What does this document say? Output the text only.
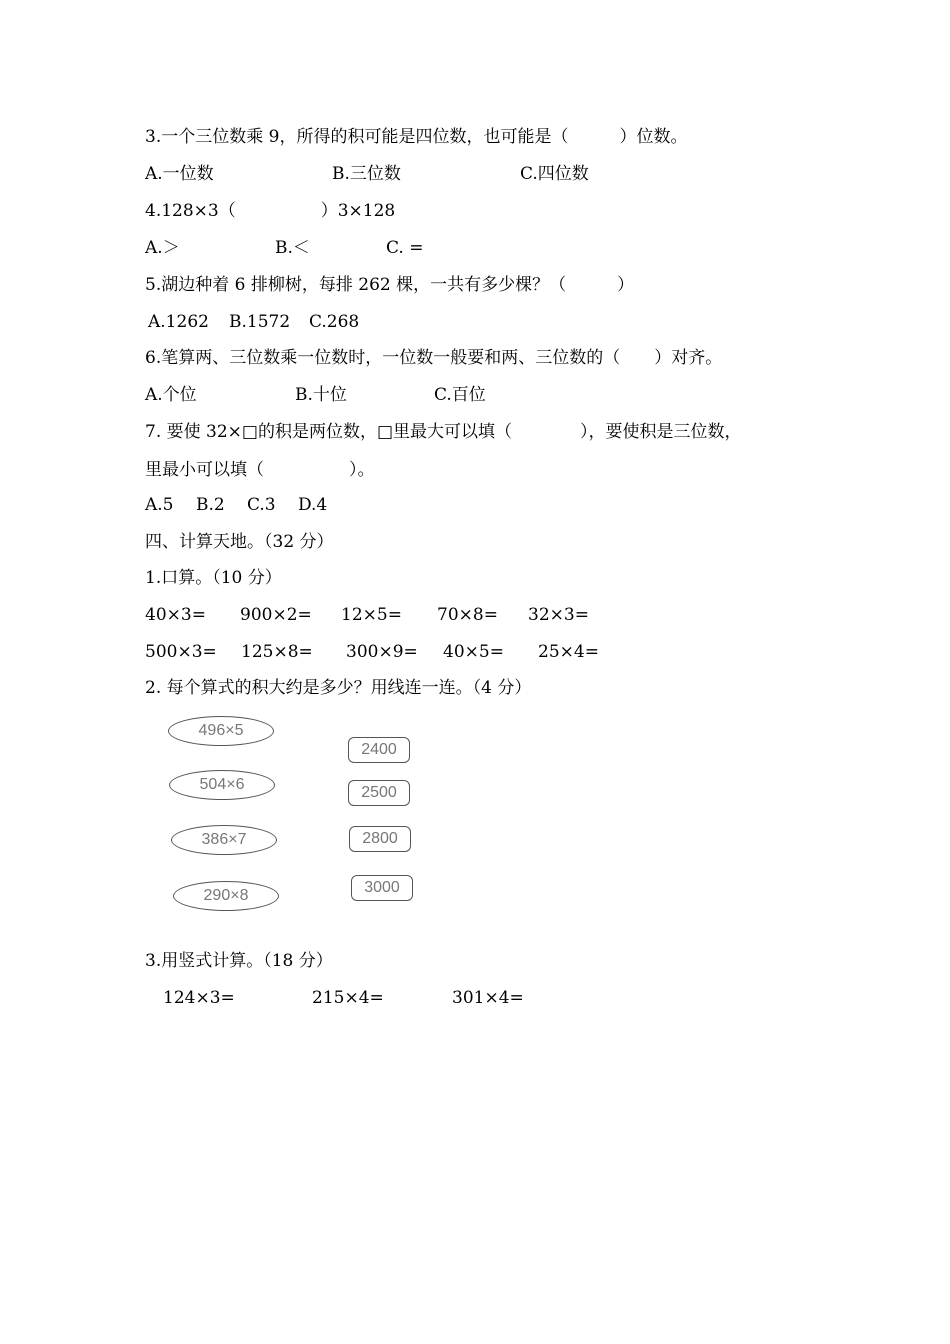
3.一个三位数乘 9，所得的积可能是四位数，也可能是（　　　）位数。
A.一位数	B.三位数	C.四位数
4.128×3（　　　　　）3×128
A.＞	B.＜	C. =
5.湖边种着 6 排柳树，每排 262 棵，一共有多少棵？（　　　）
A.1262 B.1572 C.268
6.笔算两、三位数乘一位数时，一位数一般要和两、三位数的（　　）对齐。
A.个位	B.十位	C.百位
7. 要使 32×□的积是两位数，□里最大可以填（　　　　），要使积是三位数，
里最小可以填（　　　　　）。
A.5 B.2 C.3 D.4
四、计算天地。（32 分）
1.口算。（10 分）
40×3= 900×2= 12×5= 70×8= 32×3=
500×3= 125×8= 300×9= 40×5= 25×4=
2. 每个算式的积大约是多少？用线连一连。（4 分）
496×5
504×6
386×7
290×8
2400
2500
2800
3000
3.用竖式计算。（18 分）
124×3=	215×4=	301×4=
